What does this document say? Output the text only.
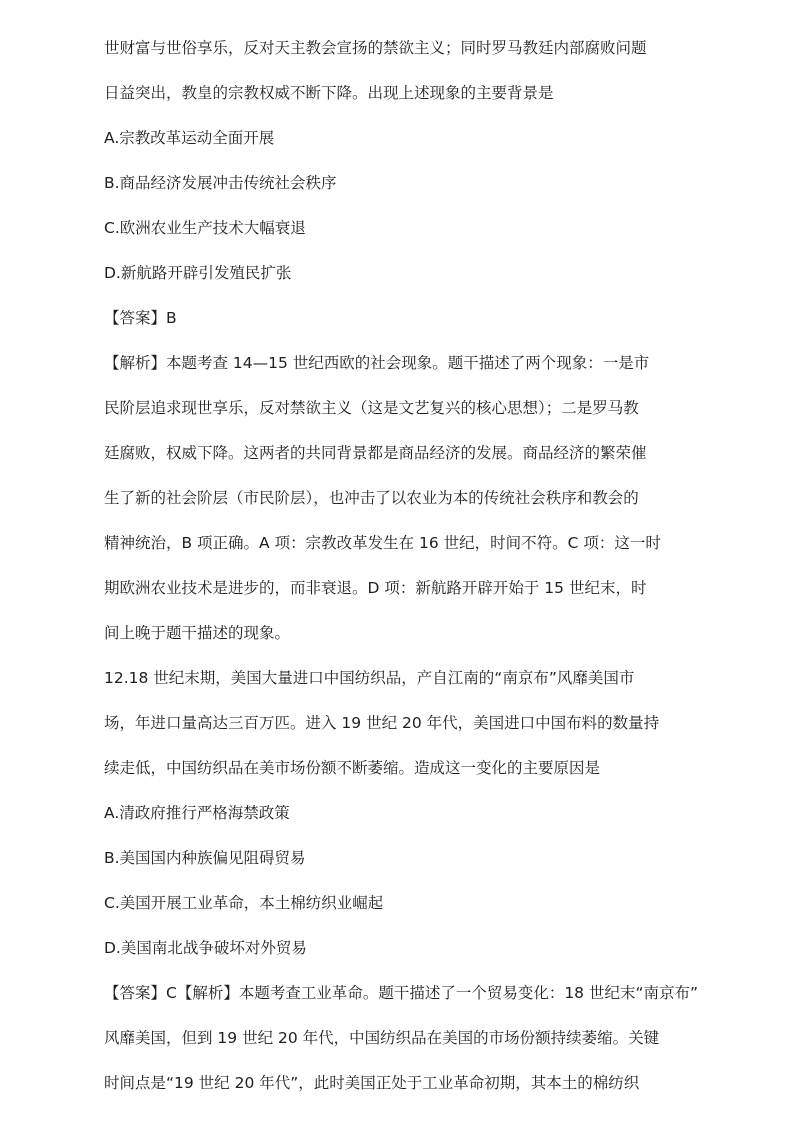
世财富与世俗享乐，反对天主教会宣扬的禁欲主义；同时罗马教廷内部腐败问题
日益突出，教皇的宗教权威不断下降。出现上述现象的主要背景是
A.宗教改革运动全面开展
B.商品经济发展冲击传统社会秩序
C.欧洲农业生产技术大幅衰退
D.新航路开辟引发殖民扩张
【答案】B
【解析】本题考查 14—15 世纪西欧的社会现象。题干描述了两个现象：一是市
民阶层追求现世享乐，反对禁欲主义（这是文艺复兴的核心思想）；二是罗马教
廷腐败，权威下降。这两者的共同背景都是商品经济的发展。商品经济的繁荣催
生了新的社会阶层（市民阶层），也冲击了以农业为本的传统社会秩序和教会的
精神统治，B 项正确。A 项：宗教改革发生在 16 世纪，时间不符。C 项：这一时
期欧洲农业技术是进步的，而非衰退。D 项：新航路开辟开始于 15 世纪末，时
间上晚于题干描述的现象。
12.18 世纪末期，美国大量进口中国纺织品，产自江南的“南京布”风靡美国市
场，年进口量高达三百万匹。进入 19 世纪 20 年代，美国进口中国布料的数量持
续走低，中国纺织品在美市场份额不断萎缩。造成这一变化的主要原因是
A.清政府推行严格海禁政策
B.美国国内种族偏见阻碍贸易
C.美国开展工业革命，本土棉纺织业崛起
D.美国南北战争破坏对外贸易
【答案】C【解析】本题考查工业革命。题干描述了一个贸易变化：18 世纪末“南京布”
风靡美国，但到 19 世纪 20 年代，中国纺织品在美国的市场份额持续萎缩。关键
时间点是“19 世纪 20 年代”，此时美国正处于工业革命初期，其本土的棉纺织
